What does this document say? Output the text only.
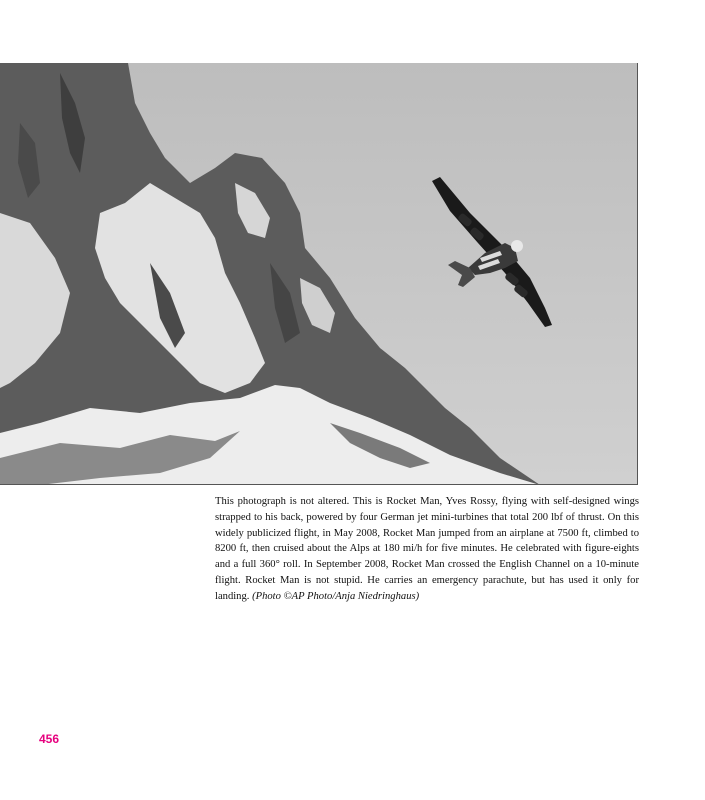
This photograph is not altered. This is Rocket Man, Yves Rossy, flying with self-designed wings strapped to his back, powered by four German jet mini-turbines that total 200 lbf of thrust. On this widely publicized flight, in May 2008, Rocket Man jumped from an airplane at 7500 ft, climbed to 8200 ft, then cruised about the Alps at 180 mi/h for five minutes. He celebrated with figure-eights and a full 360° roll. In September 2008, Rocket Man crossed the English Channel on a 10-minute flight. Rocket Man is not stupid. He carries an emergency parachute, but has used it only for landing. (Photo ©AP Photo/Anja Niedringhaus)

456
